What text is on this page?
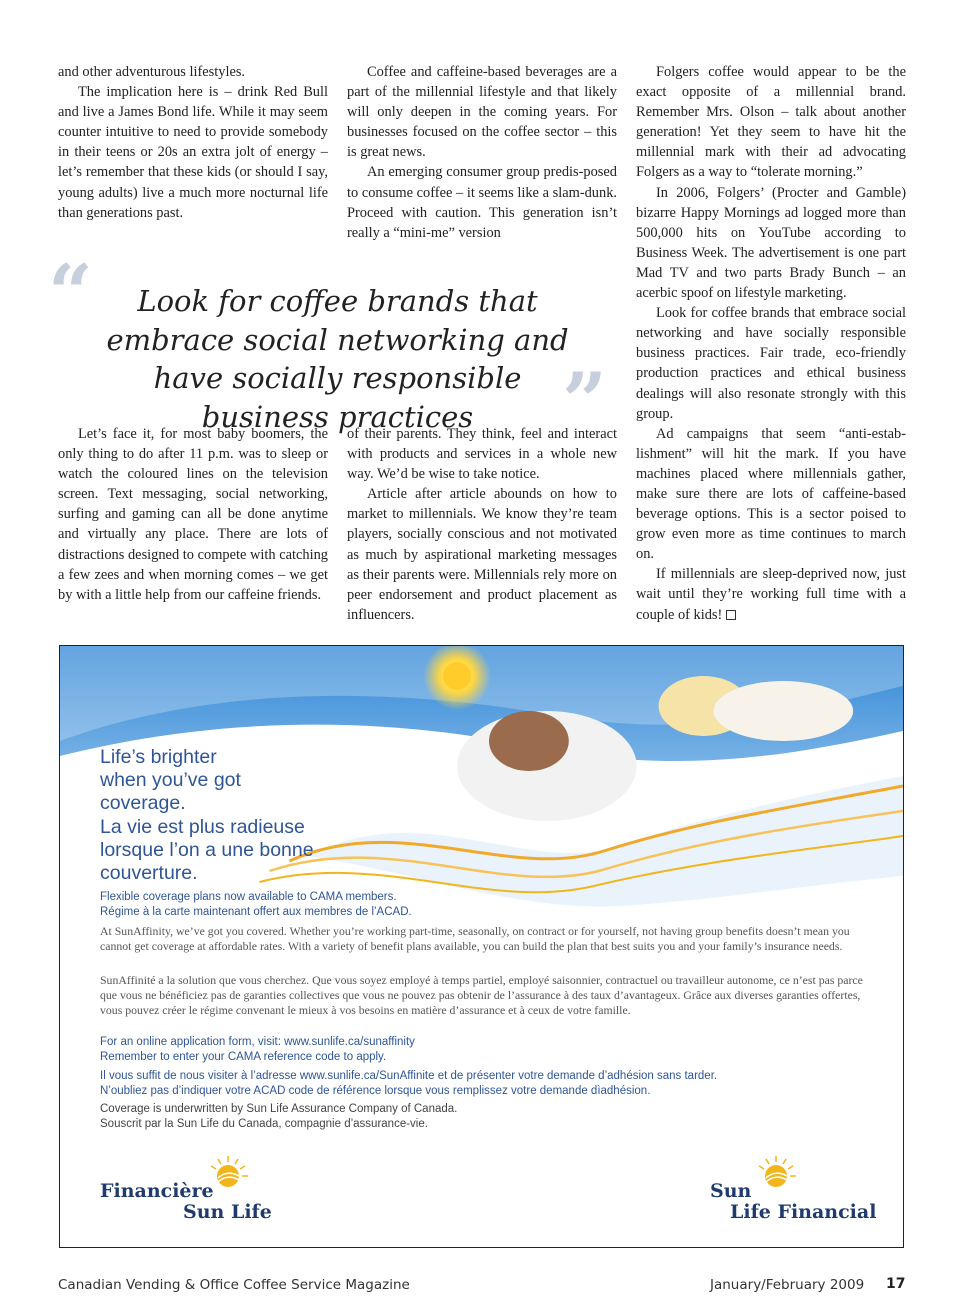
and other adventurous lifestyles.

The implication here is – drink Red Bull and live a James Bond life. While it may seem counter intuitive to need to provide somebody in their teens or 20s an extra jolt of energy – let’s remember that these kids (or should I say, young adults) live a much more nocturnal life than generations past.

Coffee and caffeine-based beverages are a part of the millennial lifestyle and that likely will only deepen in the coming years. For businesses focused on the coffee sector – this is great news.

An emerging consumer group predis-posed to consume coffee – it seems like a slam-dunk. Proceed with caution. This generation isn’t really a “mini-me” version

Folgers coffee would appear to be the exact opposite of a millennial brand. Remember Mrs. Olson – talk about another generation! Yet they seem to have hit the millennial mark with their ad advocating Folgers as a way to “tolerate morning.”

In 2006, Folgers’ (Procter and Gamble) bizarre Happy Mornings ad logged more than 500,000 hits on YouTube according to Business Week. The advertisement is one part Mad TV and two parts Brady Bunch – an acerbic spoof on lifestyle marketing.

Look for coffee brands that embrace social networking and have socially responsible business practices. Fair trade, eco-friendly production practices and ethical business dealings will also resonate strongly with this group.

Ad campaigns that seem “anti-estab-lishment” will hit the mark. If you have machines placed where millennials gather, make sure there are lots of caffeine-based beverage options. This is a sector poised to grow even more as time continues to march on.

If millennials are sleep-deprived now, just wait until they’re working full time with a couple of kids!

“	Look for coffee brands that embrace social networking and have socially responsible business practices	”

Let’s face it, for most baby boomers, the only thing to do after 11 p.m. was to sleep or watch the coloured lines on the television screen. Text messaging, social networking, surfing and gaming can all be done anytime and virtually any place. There are lots of distractions designed to compete with catching a few zees and when morning comes – we get by with a little help from our caffeine friends.

of their parents. They think, feel and interact with products and services in a whole new way. We’d be wise to take notice.

Article after article abounds on how to market to millennials. We know they’re team players, socially conscious and not motivated as much by aspirational marketing messages as their parents were. Millennials rely more on peer endorsement and product placement as influencers.

Life’s brighter
when you’ve got
coverage.
La vie est plus radieuse
lorsque l’on a une bonne
couverture.
Flexible coverage plans now available to CAMA members.
Régime à la carte maintenant offert aux membres de l’ACAD.
At SunAffinity, we’ve got you covered. Whether you’re working part-time, seasonally, on contract or for yourself, not having group benefits doesn’t mean you cannot get coverage at affordable rates. With a variety of benefit plans available, you can build the plan that best suits you and your family’s insurance needs.
SunAffinité a la solution que vous cherchez. Que vous soyez employé à temps partiel, employé saisonnier, contractuel ou travailleur autonome, ce n’est pas parce que vous ne bénéficiez pas de garanties collectives que vous ne pouvez pas obtenir de l’assurance à des taux d’avantageux. Grâce aux diverses garanties offertes, vous pouvez créer le régime convenant le mieux à vos besoins en matière d’assurance et à ceux de votre famille.
For an online application form, visit: www.sunlife.ca/sunaffinity
Remember to enter your CAMA reference code to apply.
Il vous suffit de nous visiter à l’adresse www.sunlife.ca/SunAffinite et de présenter votre demande d’adhésion sans tarder.
N’oubliez pas d’indiquer votre ACAD code de référence lorsque vous remplissez votre demande dìadhésion.
Coverage is underwritten by Sun Life Assurance Company of Canada.
Souscrit par la Sun Life du Canada, compagnie d’assurance-vie.
Financière
Sun Life
Sun
Life Financial
Canadian Vending & Office Coffee Service Magazine	January/February 2009 17
